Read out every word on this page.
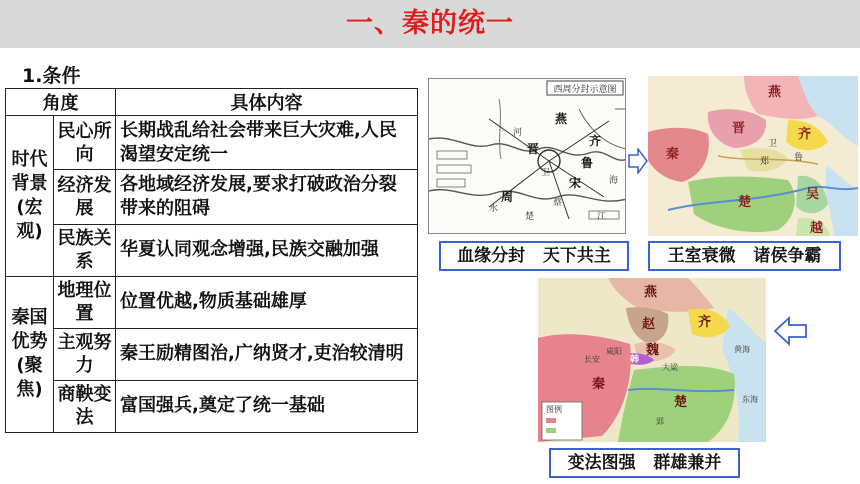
一、秦的统一
1.条件
角度		具体内容
时代背景(宏观)	民心所向	长期战乱给社会带来巨大灾难,人民渴望安定统一
	经济发展	各地域经济发展,要求打破政治分裂带来的阻碍
	民族关系	华夏认同观念增强,民族交融加强
秦国优势(聚焦)	地理位置	位置优越,物质基础雄厚
	主观努力	秦王励精图治,广纳贤才,吏治较清明
	商鞅变法	富国强兵,奠定了统一基础
西周分封示意图
燕
齐
鲁
晋
周
宋
卫
蔡
楚
海
河
水
江
燕
齐
晋
楚
秦
吴
越
郑	鲁
卫
图例
燕
赵	齐
魏
韩
楚
秦
黄海
东海
长安
咸阳
大梁
郢
血缘分封   天下共主	王室衰微   诸侯争霸
变法图强   群雄兼并
